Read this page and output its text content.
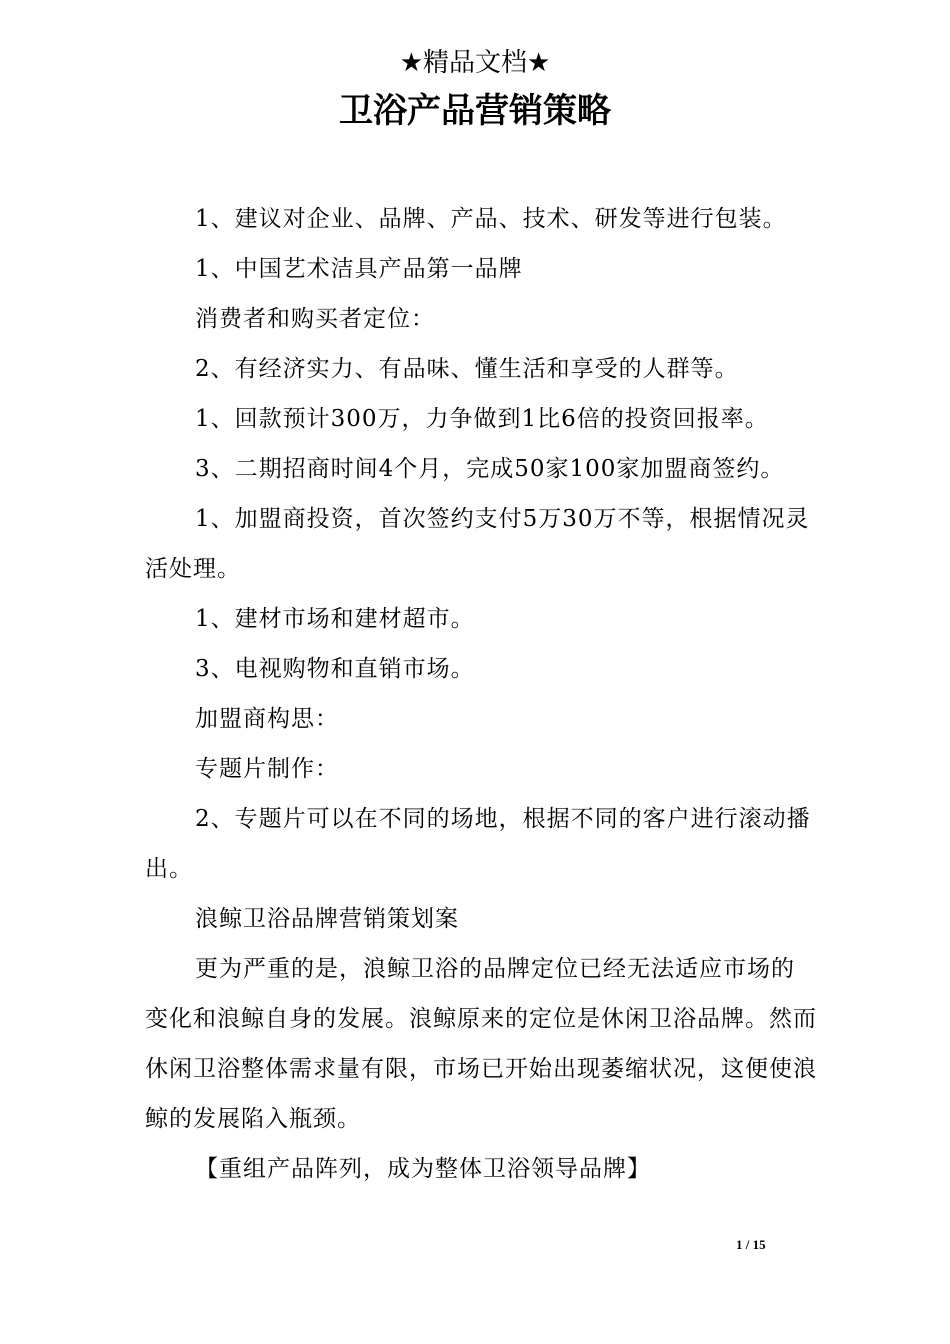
★精品文档★
卫浴产品营销策略

1、建议对企业、品牌、产品、技术、研发等进行包装。

1、中国艺术洁具产品第一品牌

消费者和购买者定位：

2、有经济实力、有品味、懂生活和享受的人群等。

1、回款预计300万，力争做到1比6倍的投资回报率。

3、二期招商时间4个月，完成50家100家加盟商签约。

1、加盟商投资，首次签约支付5万30万不等，根据情况灵活处理。

1、建材市场和建材超市。

3、电视购物和直销市场。

加盟商构思：

专题片制作：

2、专题片可以在不同的场地，根据不同的客户进行滚动播出。

浪鲸卫浴品牌营销策划案

更为严重的是，浪鲸卫浴的品牌定位已经无法适应市场的变化和浪鲸自身的发展。浪鲸原来的定位是休闲卫浴品牌。然而休闲卫浴整体需求量有限，市场已开始出现萎缩状况，这便使浪鲸的发展陷入瓶颈。

【重组产品阵列，成为整体卫浴领导品牌】

1 / 15
